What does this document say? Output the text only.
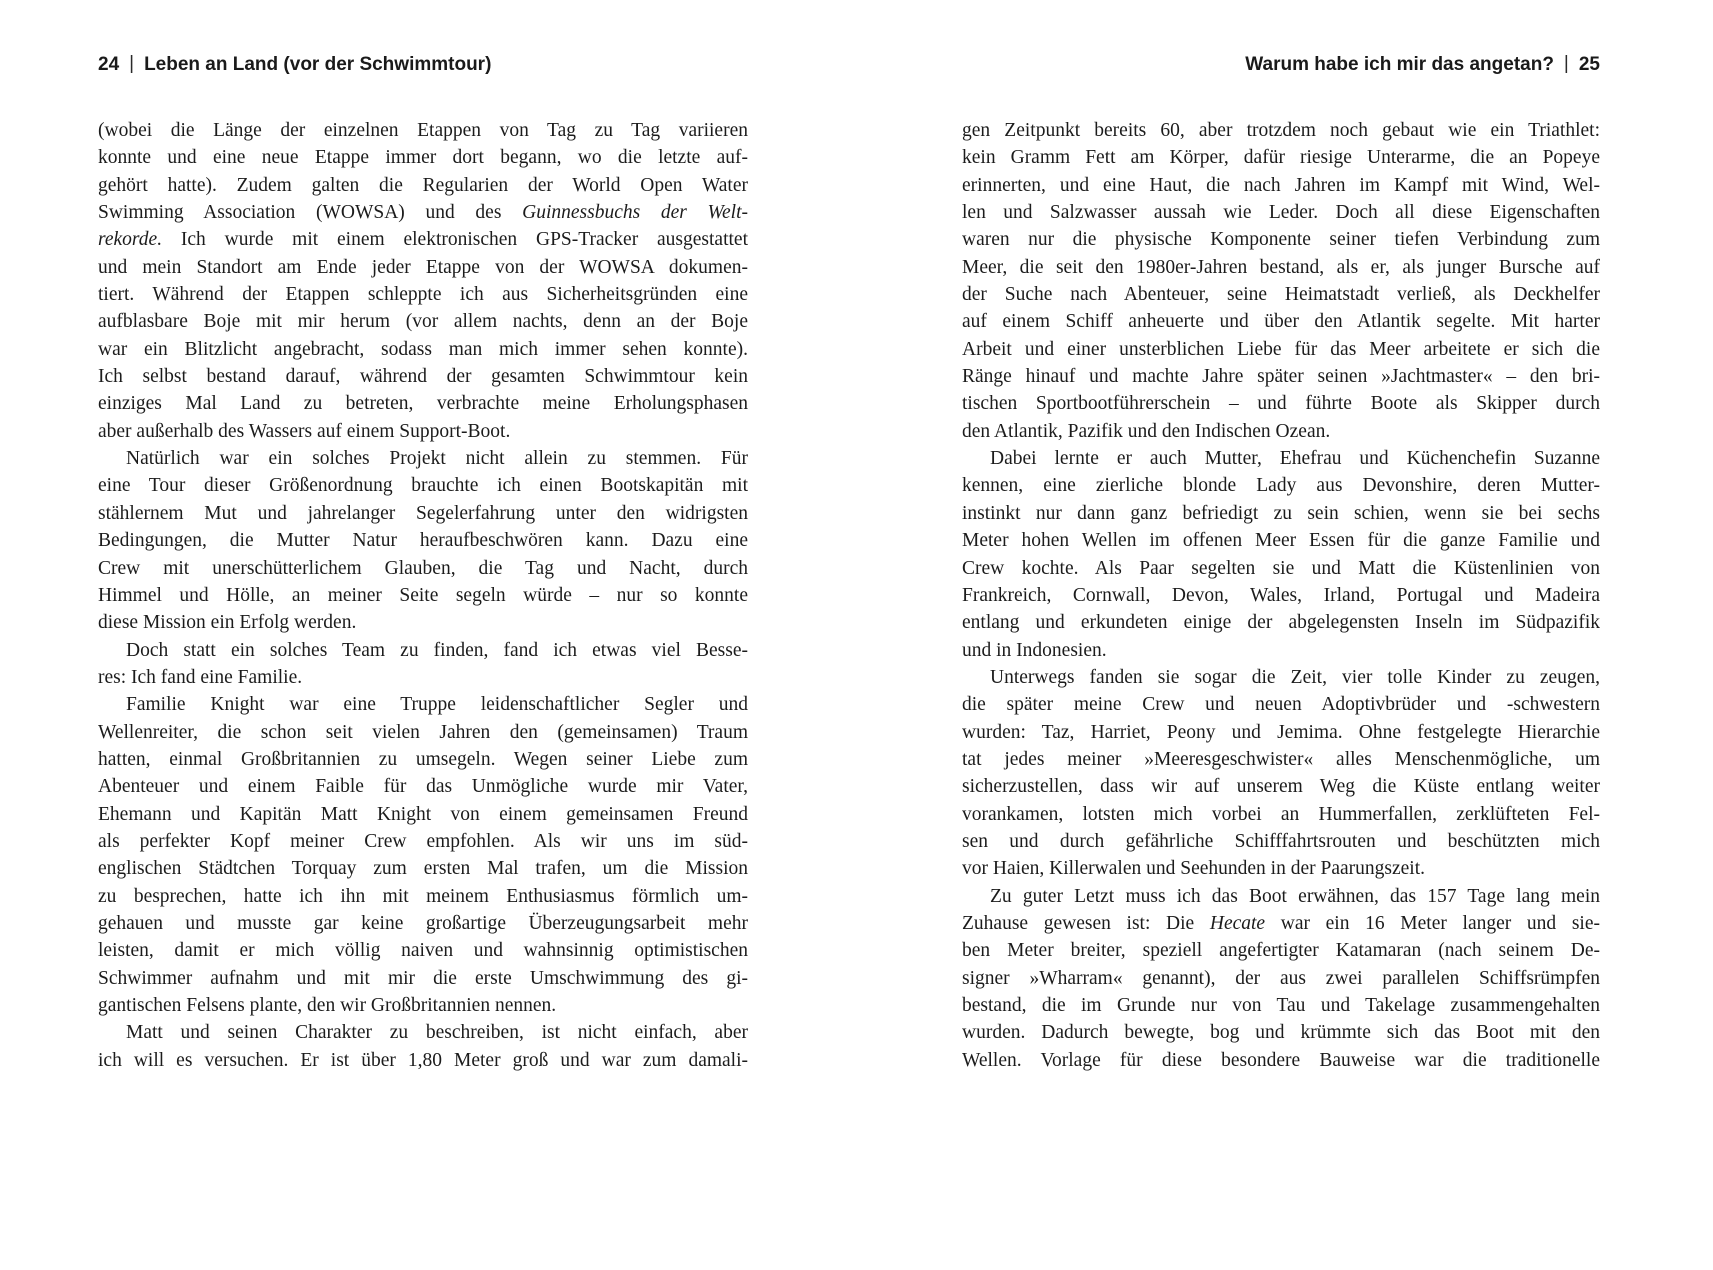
24 | Leben an Land (vor der Schwimmtour)	Warum habe ich mir das angetan? | 25
(wobei die Länge der einzelnen Etappen von Tag zu Tag variieren
konnte und eine neue Etappe immer dort begann, wo die letzte auf-
gehört hatte). Zudem galten die Regularien der World Open Water
Swimming Association (WOWSA) und des Guinnessbuchs der Welt-
rekorde. Ich wurde mit einem elektronischen GPS-Tracker ausgestattet
und mein Standort am Ende jeder Etappe von der WOWSA dokumen-
tiert. Während der Etappen schleppte ich aus Sicherheitsgründen eine
aufblasbare Boje mit mir herum (vor allem nachts, denn an der Boje
war ein Blitzlicht angebracht, sodass man mich immer sehen konnte).
Ich selbst bestand darauf, während der gesamten Schwimmtour kein
einziges Mal Land zu betreten, verbrachte meine Erholungsphasen
aber außerhalb des Wassers auf einem Support-Boot.
Natürlich war ein solches Projekt nicht allein zu stemmen. Für
eine Tour dieser Größenordnung brauchte ich einen Bootskapitän mit
stählernem Mut und jahrelanger Segelerfahrung unter den widrigsten
Bedingungen, die Mutter Natur heraufbeschwören kann. Dazu eine
Crew mit unerschütterlichem Glauben, die Tag und Nacht, durch
Himmel und Hölle, an meiner Seite segeln würde – nur so konnte
diese Mission ein Erfolg werden.
Doch statt ein solches Team zu finden, fand ich etwas viel Besse-
res: Ich fand eine Familie.
Familie Knight war eine Truppe leidenschaftlicher Segler und
Wellenreiter, die schon seit vielen Jahren den (gemeinsamen) Traum
hatten, einmal Großbritannien zu umsegeln. Wegen seiner Liebe zum
Abenteuer und einem Faible für das Unmögliche wurde mir Vater,
Ehemann und Kapitän Matt Knight von einem gemeinsamen Freund
als perfekter Kopf meiner Crew empfohlen. Als wir uns im süd-
englischen Städtchen Torquay zum ersten Mal trafen, um die Mission
zu besprechen, hatte ich ihn mit meinem Enthusiasmus förmlich um-
gehauen und musste gar keine großartige Überzeugungsarbeit mehr
leisten, damit er mich völlig naiven und wahnsinnig optimistischen
Schwimmer aufnahm und mit mir die erste Umschwimmung des gi-
gantischen Felsens plante, den wir Großbritannien nennen.
Matt und seinen Charakter zu beschreiben, ist nicht einfach, aber
ich will es versuchen. Er ist über 1,80 Meter groß und war zum damali-
gen Zeitpunkt bereits 60, aber trotzdem noch gebaut wie ein Triathlet:
kein Gramm Fett am Körper, dafür riesige Unterarme, die an Popeye
erinnerten, und eine Haut, die nach Jahren im Kampf mit Wind, Wel-
len und Salzwasser aussah wie Leder. Doch all diese Eigenschaften
waren nur die physische Komponente seiner tiefen Verbindung zum
Meer, die seit den 1980er-Jahren bestand, als er, als junger Bursche auf
der Suche nach Abenteuer, seine Heimatstadt verließ, als Deckhelfer
auf einem Schiff anheuerte und über den Atlantik segelte. Mit harter
Arbeit und einer unsterblichen Liebe für das Meer arbeitete er sich die
Ränge hinauf und machte Jahre später seinen »Jachtmaster« – den bri-
tischen Sportbootführerschein – und führte Boote als Skipper durch
den Atlantik, Pazifik und den Indischen Ozean.
Dabei lernte er auch Mutter, Ehefrau und Küchenchefin Suzanne
kennen, eine zierliche blonde Lady aus Devonshire, deren Mutter-
instinkt nur dann ganz befriedigt zu sein schien, wenn sie bei sechs
Meter hohen Wellen im offenen Meer Essen für die ganze Familie und
Crew kochte. Als Paar segelten sie und Matt die Küstenlinien von
Frankreich, Cornwall, Devon, Wales, Irland, Portugal und Madeira
entlang und erkundeten einige der abgelegensten Inseln im Südpazifik
und in Indonesien.
Unterwegs fanden sie sogar die Zeit, vier tolle Kinder zu zeugen,
die später meine Crew und neuen Adoptivbrüder und -schwestern
wurden: Taz, Harriet, Peony und Jemima. Ohne festgelegte Hierarchie
tat jedes meiner »Meeresgeschwister« alles Menschenmögliche, um
sicherzustellen, dass wir auf unserem Weg die Küste entlang weiter
vorankamen, lotsten mich vorbei an Hummerfallen, zerklüfteten Fel-
sen und durch gefährliche Schifffahrtsrouten und beschützten mich
vor Haien, Killerwalen und Seehunden in der Paarungszeit.
Zu guter Letzt muss ich das Boot erwähnen, das 157 Tage lang mein
Zuhause gewesen ist: Die Hecate war ein 16 Meter langer und sie-
ben Meter breiter, speziell angefertigter Katamaran (nach seinem De-
signer »Wharram« genannt), der aus zwei parallelen Schiffsrümpfen
bestand, die im Grunde nur von Tau und Takelage zusammengehalten
wurden. Dadurch bewegte, bog und krümmte sich das Boot mit den
Wellen. Vorlage für diese besondere Bauweise war die traditionelle
